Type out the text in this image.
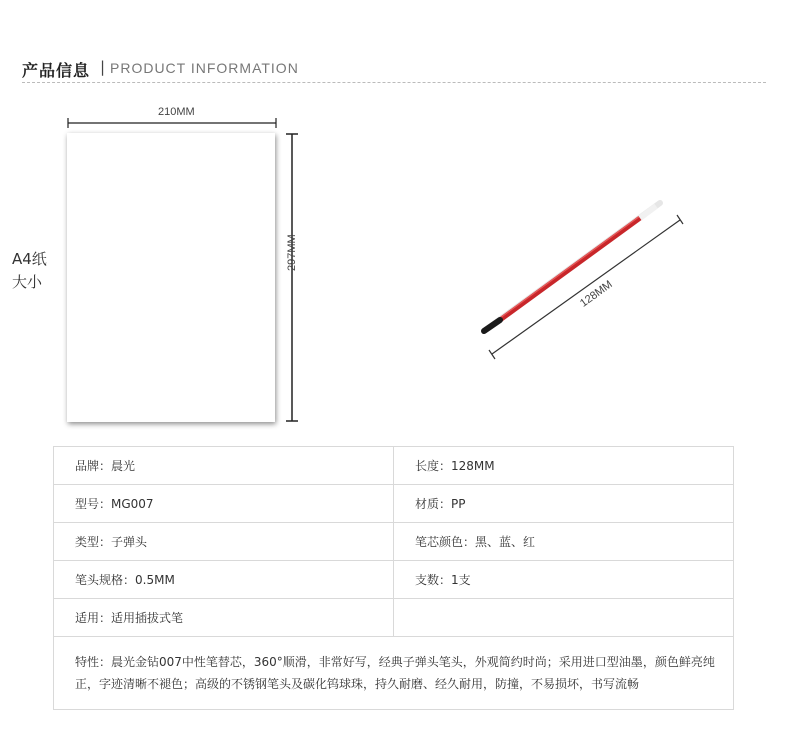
产品信息 | PRODUCT INFORMATION
210MM
297MM
128MM
A4纸
大小
品牌：晨光	长度：128MM
型号：MG007	材质：PP
类型：子弹头	笔芯颜色：黑、蓝、红
笔头规格：0.5MM	支数：1支
适用：适用插拔式笔	
特性：晨光金钻007中性笔替芯，360°顺滑，非常好写，经典子弹头笔头，外观简约时尚；采用进口型油墨，颜色鲜亮纯正，字迹清晰不褪色；高级的不锈钢笔头及碳化钨球珠，持久耐磨、经久耐用，防撞，不易损坏，书写流畅	
